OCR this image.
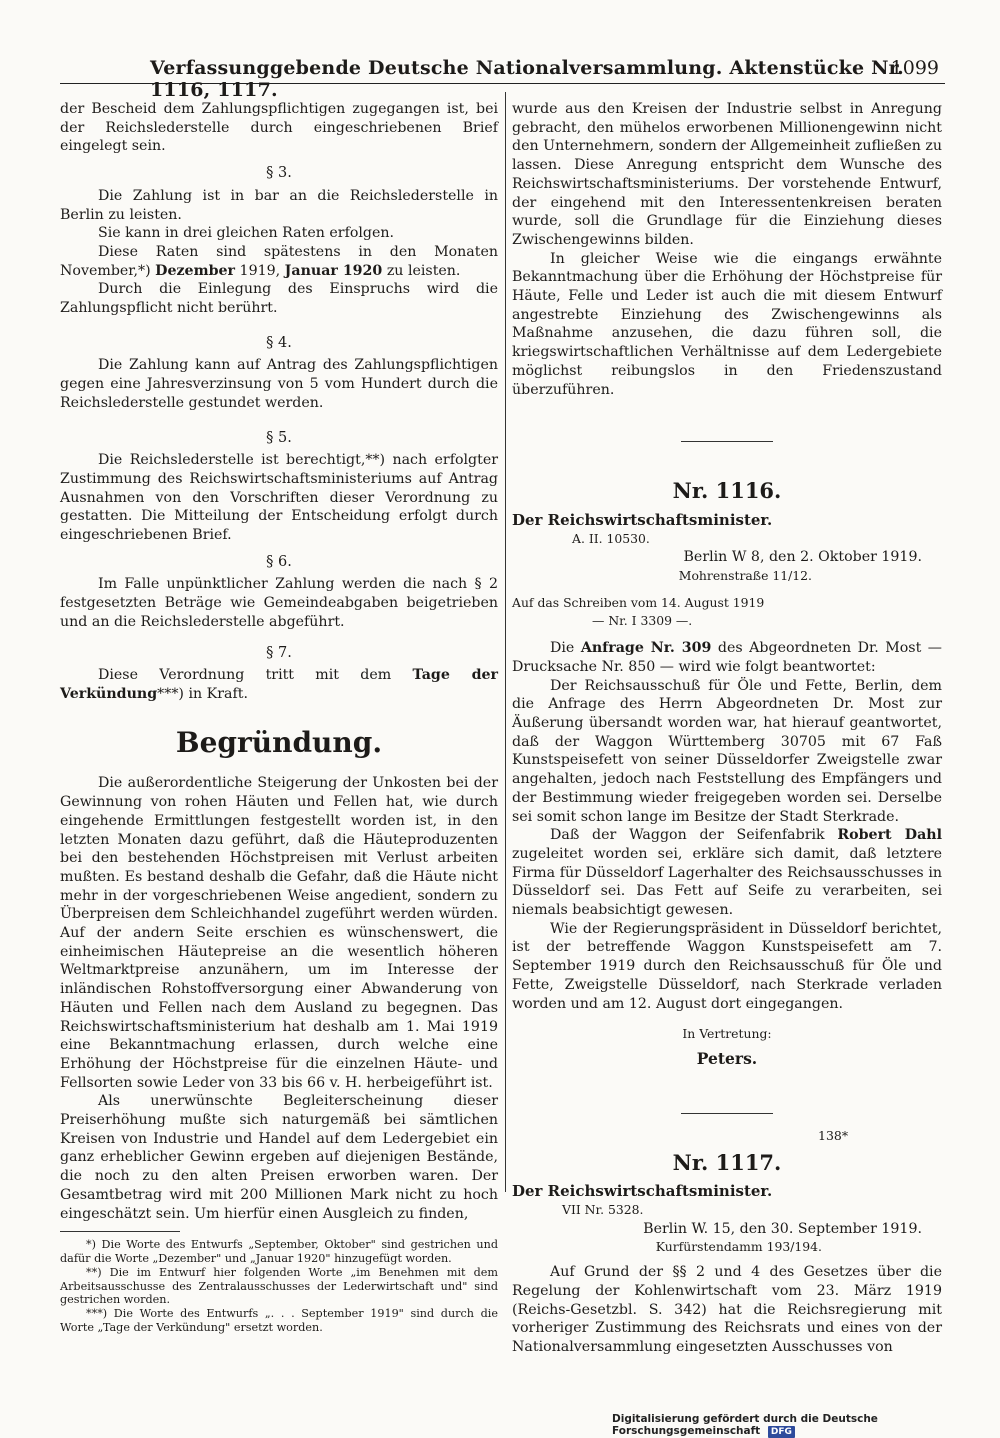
Verfassunggebende Deutsche Nationalversammlung. Aktenstücke Nr. 1116, 1117.
1099

der Bescheid dem Zahlungspflichtigen zugegangen ist, bei der Reichslederstelle durch eingeschriebenen Brief eingelegt sein.

§ 3.

Die Zahlung ist in bar an die Reichslederstelle in Berlin zu leisten.

Sie kann in drei gleichen Raten erfolgen.

Diese Raten sind spätestens in den Monaten November,*) Dezember 1919, Januar 1920 zu leisten.

Durch die Einlegung des Einspruchs wird die Zahlungspflicht nicht berührt.

§ 4.

Die Zahlung kann auf Antrag des Zahlungspflichtigen gegen eine Jahresverzinsung von 5 vom Hundert durch die Reichslederstelle gestundet werden.

§ 5.

Die Reichslederstelle ist berechtigt,**) nach erfolgter Zustimmung des Reichswirtschaftsministeriums auf Antrag Ausnahmen von den Vorschriften dieser Verordnung zu gestatten. Die Mitteilung der Entscheidung erfolgt durch eingeschriebenen Brief.

§ 6.

Im Falle unpünktlicher Zahlung werden die nach § 2 festgesetzten Beträge wie Gemeindeabgaben beigetrieben und an die Reichslederstelle abgeführt.

§ 7.

Diese Verordnung tritt mit dem Tage der Verkündung***) in Kraft.

Begründung.

Die außerordentliche Steigerung der Unkosten bei der Gewinnung von rohen Häuten und Fellen hat, wie durch eingehende Ermittlungen festgestellt worden ist, in den letzten Monaten dazu geführt, daß die Häuteproduzenten bei den bestehenden Höchstpreisen mit Verlust arbeiten mußten. Es bestand deshalb die Gefahr, daß die Häute nicht mehr in der vorgeschriebenen Weise angedient, sondern zu Überpreisen dem Schleichhandel zugeführt werden würden. Auf der andern Seite erschien es wünschenswert, die einheimischen Häutepreise an die wesentlich höheren Weltmarktpreise anzunähern, um im Interesse der inländischen Rohstoffversorgung einer Abwanderung von Häuten und Fellen nach dem Ausland zu begegnen. Das Reichswirtschaftsministerium hat deshalb am 1. Mai 1919 eine Bekanntmachung erlassen, durch welche eine Erhöhung der Höchstpreise für die einzelnen Häute- und Fellsorten sowie Leder von 33 bis 66 v. H. herbeigeführt ist.

Als unerwünschte Begleiterscheinung dieser Preiserhöhung mußte sich naturgemäß bei sämtlichen Kreisen von Industrie und Handel auf dem Ledergebiet ein ganz erheblicher Gewinn ergeben auf diejenigen Bestände, die noch zu den alten Preisen erworben waren. Der Gesamtbetrag wird mit 200 Millionen Mark nicht zu hoch eingeschätzt sein. Um hierfür einen Ausgleich zu finden,

*) Die Worte des Entwurfs „September, Oktober" sind gestrichen und dafür die Worte „Dezember" und „Januar 1920" hinzugefügt worden.

**) Die im Entwurf hier folgenden Worte „im Benehmen mit dem Arbeitsausschusse des Zentralausschusses der Lederwirtschaft und" sind gestrichen worden.

***) Die Worte des Entwurfs „. . . September 1919" sind durch die Worte „Tage der Verkündung" ersetzt worden.

wurde aus den Kreisen der Industrie selbst in Anregung gebracht, den mühelos erworbenen Millionengewinn nicht den Unternehmern, sondern der Allgemeinheit zufließen zu lassen. Diese Anregung entspricht dem Wunsche des Reichswirtschaftsministeriums. Der vorstehende Entwurf, der eingehend mit den Interessentenkreisen beraten wurde, soll die Grundlage für die Einziehung dieses Zwischengewinns bilden.

In gleicher Weise wie die eingangs erwähnte Bekanntmachung über die Erhöhung der Höchstpreise für Häute, Felle und Leder ist auch die mit diesem Entwurf angestrebte Einziehung des Zwischengewinns als Maßnahme anzusehen, die dazu führen soll, die kriegswirtschaftlichen Verhältnisse auf dem Ledergebiete möglichst reibungslos in den Friedenszustand überzuführen.

Nr. 1116.

Der Reichswirtschaftsminister.

A. II. 10530.

Berlin W 8, den 2. Oktober 1919.

Mohrenstraße 11/12.

Auf das Schreiben vom 14. August 1919

— Nr. I 3309 —.

Die Anfrage Nr. 309 des Abgeordneten Dr. Most — Drucksache Nr. 850 — wird wie folgt beantwortet:

Der Reichsausschuß für Öle und Fette, Berlin, dem die Anfrage des Herrn Abgeordneten Dr. Most zur Äußerung übersandt worden war, hat hierauf geantwortet, daß der Waggon Württemberg 30705 mit 67 Faß Kunstspeisefett von seiner Düsseldorfer Zweigstelle zwar angehalten, jedoch nach Feststellung des Empfängers und der Bestimmung wieder freigegeben worden sei. Derselbe sei somit schon lange im Besitze der Stadt Sterkrade.

Daß der Waggon der Seifenfabrik Robert Dahl zugeleitet worden sei, erkläre sich damit, daß letztere Firma für Düsseldorf Lagerhalter des Reichsausschusses in Düsseldorf sei. Das Fett auf Seife zu verarbeiten, sei niemals beabsichtigt gewesen.

Wie der Regierungspräsident in Düsseldorf berichtet, ist der betreffende Waggon Kunstspeisefett am 7. September 1919 durch den Reichsausschuß für Öle und Fette, Zweigstelle Düsseldorf, nach Sterkrade verladen worden und am 12. August dort eingegangen.

In Vertretung:

Peters.

Nr. 1117.

Der Reichswirtschaftsminister.

VII Nr. 5328.

Berlin W. 15, den 30. September 1919.

Kurfürstendamm 193/194.

Auf Grund der §§ 2 und 4 des Gesetzes über die Regelung der Kohlenwirtschaft vom 23. März 1919 (Reichs-Gesetzbl. S. 342) hat die Reichsregierung mit vorheriger Zustimmung des Reichsrats und eines von der Nationalversammlung eingesetzten Ausschusses von

138*
Digitalisierung gefördert durch die Deutsche Forschungsgemeinschaft DFG
